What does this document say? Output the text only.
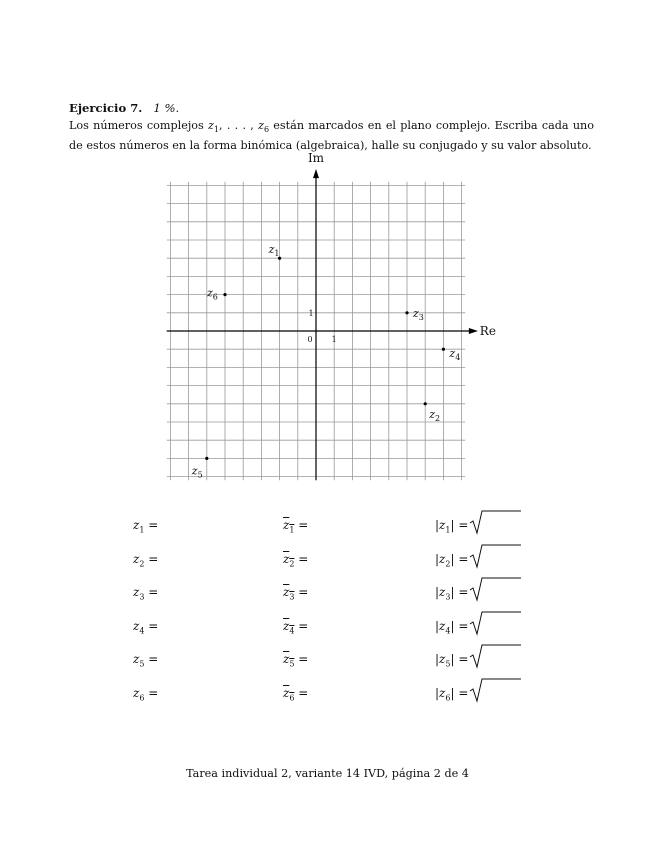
Ejercicio 7. 1 %.
Los números complejos $z_1$, . . . , $z_6$ están marcados en el plano complejo. Escriba cada uno de estos números en la forma binómica (algebraica), halle su conjugado y su valor absoluto.
Re
Im
0 1
1
$z_1$
$z_2$
$z_3$
$z_4$
$z_5$
$z_6$
$z_1$ =	$z_1$ =	$|z_1|$ =
$z_2$ =	$z_2$ =	$|z_2|$ =
$z_3$ =	$z_3$ =	$|z_3|$ =
$z_4$ =	$z_4$ =	$|z_4|$ =
$z_5$ =	$z_5$ =	$|z_5|$ =
$z_6$ =	$z_6$ =	$|z_6|$ =
Tarea individual 2, variante 14 IVD, página 2 de 4
